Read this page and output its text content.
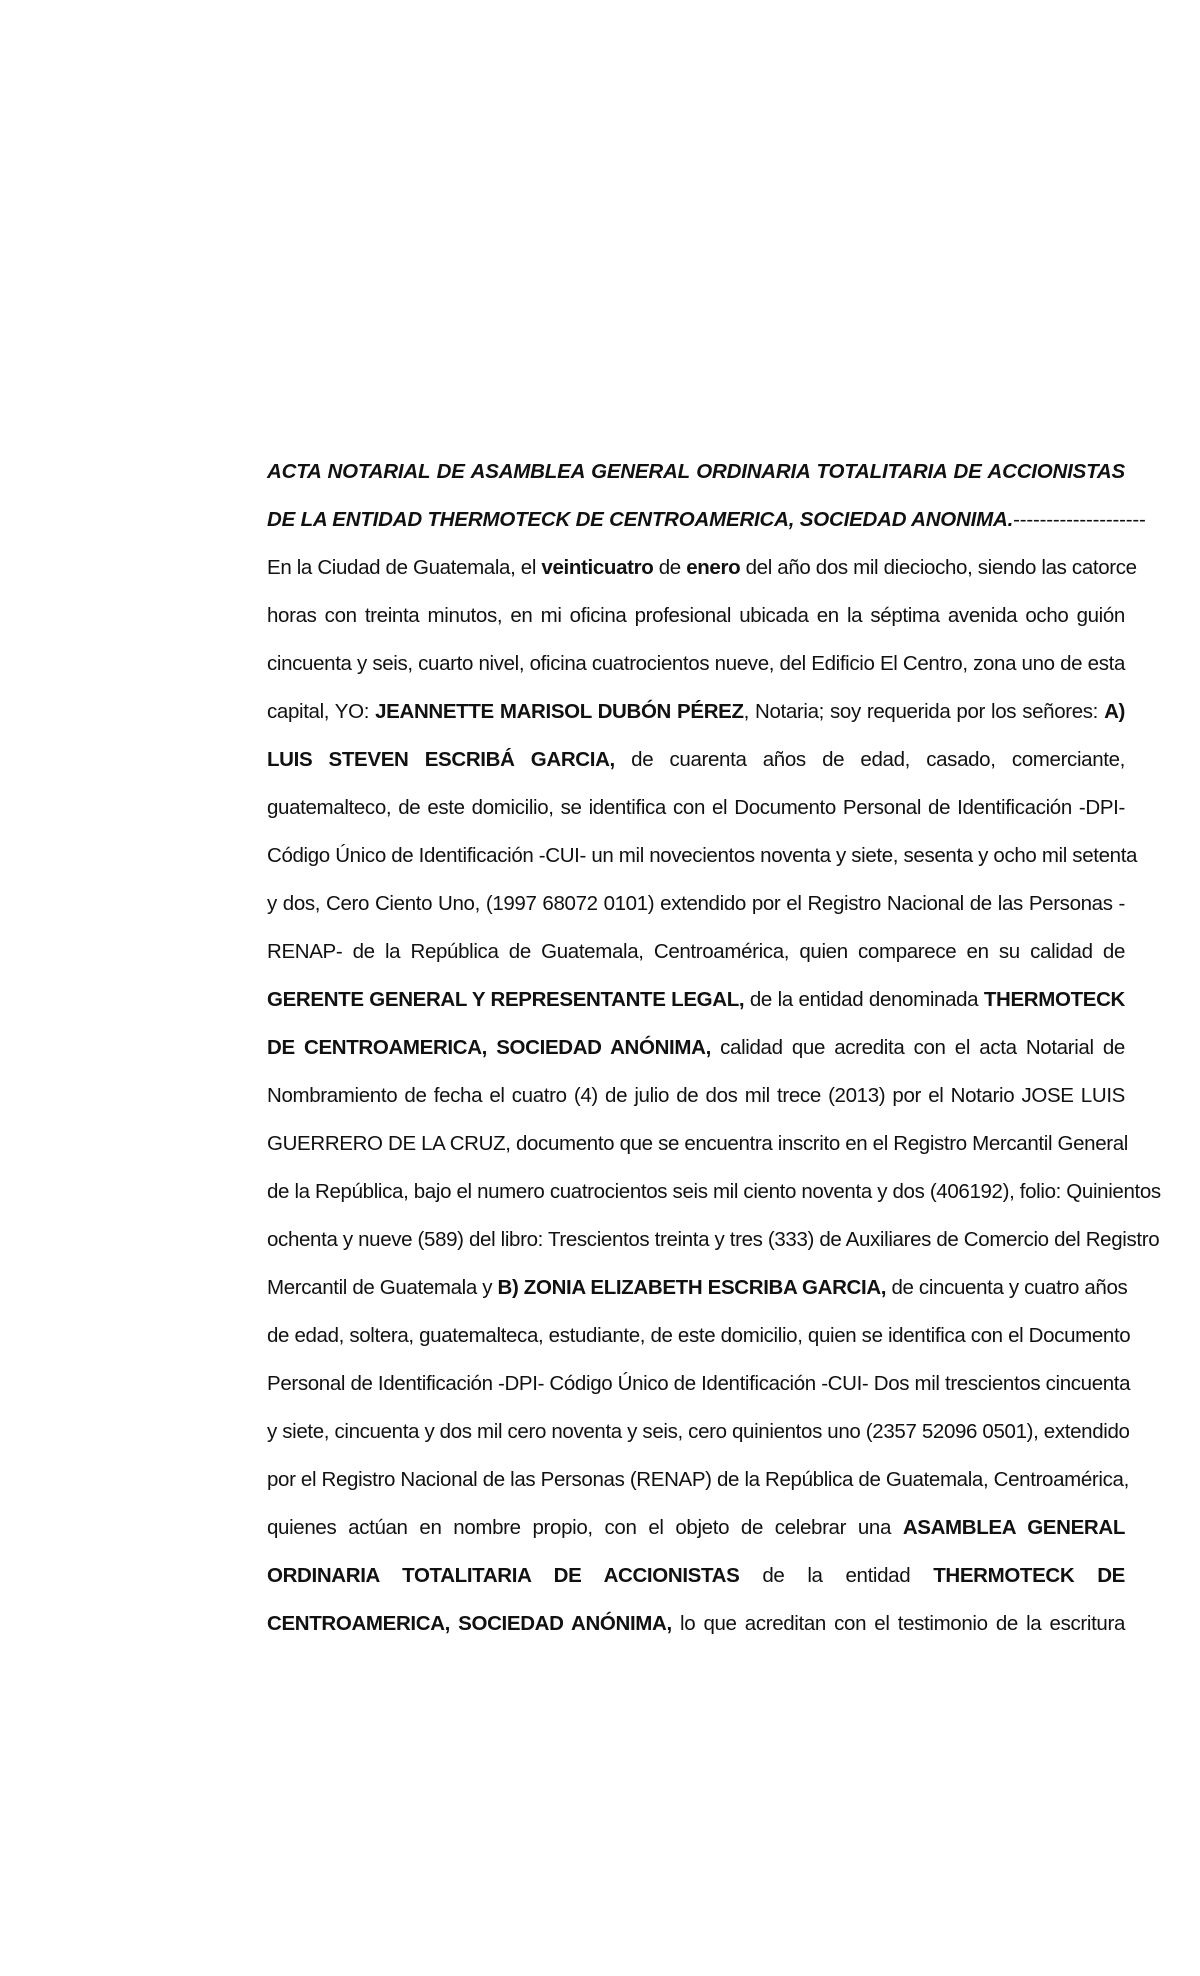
ACTA NOTARIAL DE ASAMBLEA GENERAL ORDINARIA TOTALITARIA DE ACCIONISTAS
DE LA ENTIDAD THERMOTECK DE CENTROAMERICA, SOCIEDAD ANONIMA.--------------------
En la Ciudad de Guatemala, el veinticuatro de enero del año dos mil dieciocho, siendo las catorce
horas con treinta minutos, en mi oficina profesional ubicada en la séptima avenida ocho guión
cincuenta y seis, cuarto nivel, oficina cuatrocientos nueve, del Edificio El Centro, zona uno de esta
capital, YO: JEANNETTE MARISOL DUBÓN PÉREZ, Notaria; soy requerida por los señores: A)
LUIS STEVEN ESCRIBÁ GARCIA, de cuarenta años de edad, casado, comerciante,
guatemalteco, de este domicilio, se identifica con el Documento Personal de Identificación -DPI-
Código Único de Identificación -CUI- un mil novecientos noventa y siete, sesenta y ocho mil setenta
y dos, Cero Ciento Uno, (1997 68072 0101) extendido por el Registro Nacional de las Personas -
RENAP- de la República de Guatemala, Centroamérica, quien comparece en su calidad de
GERENTE GENERAL Y REPRESENTANTE LEGAL, de la entidad denominada THERMOTECK
DE CENTROAMERICA, SOCIEDAD ANÓNIMA, calidad que acredita con el acta Notarial de
Nombramiento de fecha el cuatro (4) de julio de dos mil trece (2013) por el Notario JOSE LUIS
GUERRERO DE LA CRUZ, documento que se encuentra inscrito en el Registro Mercantil General
de la República, bajo el numero cuatrocientos seis mil ciento noventa y dos (406192), folio: Quinientos
ochenta y nueve (589) del libro: Trescientos treinta y tres (333) de Auxiliares de Comercio del Registro
Mercantil de Guatemala y B) ZONIA ELIZABETH ESCRIBA GARCIA, de cincuenta y cuatro años
de edad, soltera, guatemalteca, estudiante, de este domicilio, quien se identifica con el Documento
Personal de Identificación -DPI- Código Único de Identificación -CUI- Dos mil trescientos cincuenta
y siete, cincuenta y dos mil cero noventa y seis, cero quinientos uno (2357 52096 0501), extendido
por el Registro Nacional de las Personas (RENAP) de la República de Guatemala, Centroamérica,
quienes actúan en nombre propio, con el objeto de celebrar una ASAMBLEA GENERAL
ORDINARIA TOTALITARIA DE ACCIONISTAS de la entidad THERMOTECK DE
CENTROAMERICA, SOCIEDAD ANÓNIMA, lo que acreditan con el testimonio de la escritura
